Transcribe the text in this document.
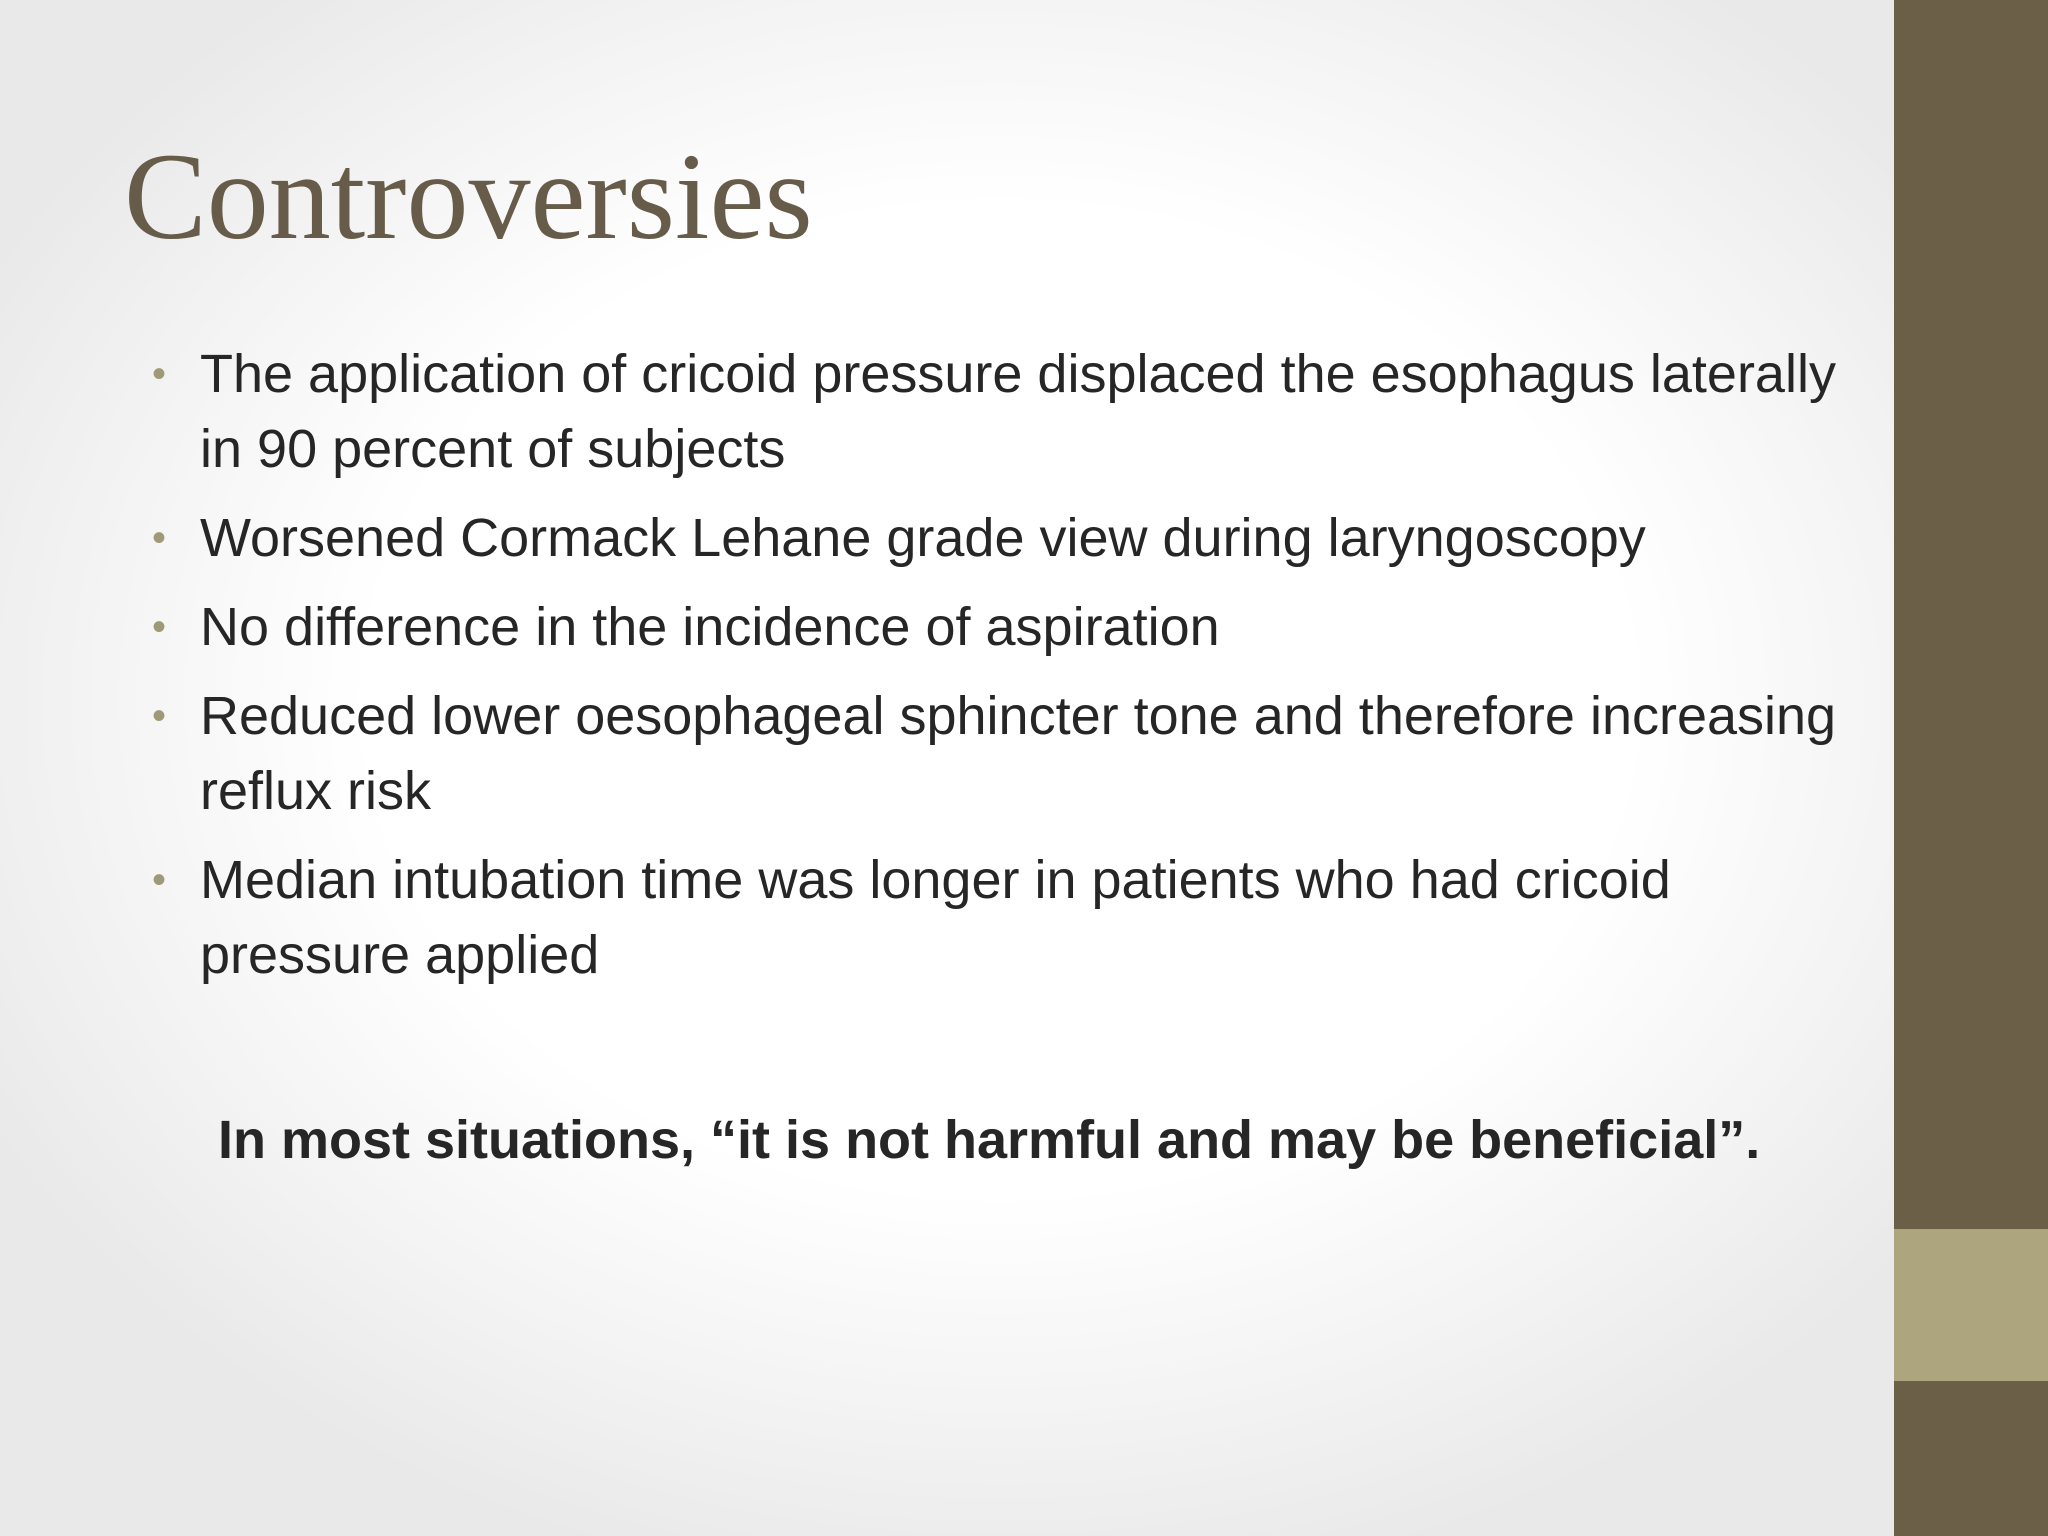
Controversies
• The application of cricoid pressure displaced the esophagus laterally in 90 percent of subjects
• Worsened Cormack Lehane grade view during laryngoscopy
• No difference in the incidence of aspiration
• Reduced lower oesophageal sphincter tone and therefore increasing reflux risk
• Median intubation time was longer in patients who had cricoid pressure applied

In most situations, “it is not harmful and may be beneficial”.
